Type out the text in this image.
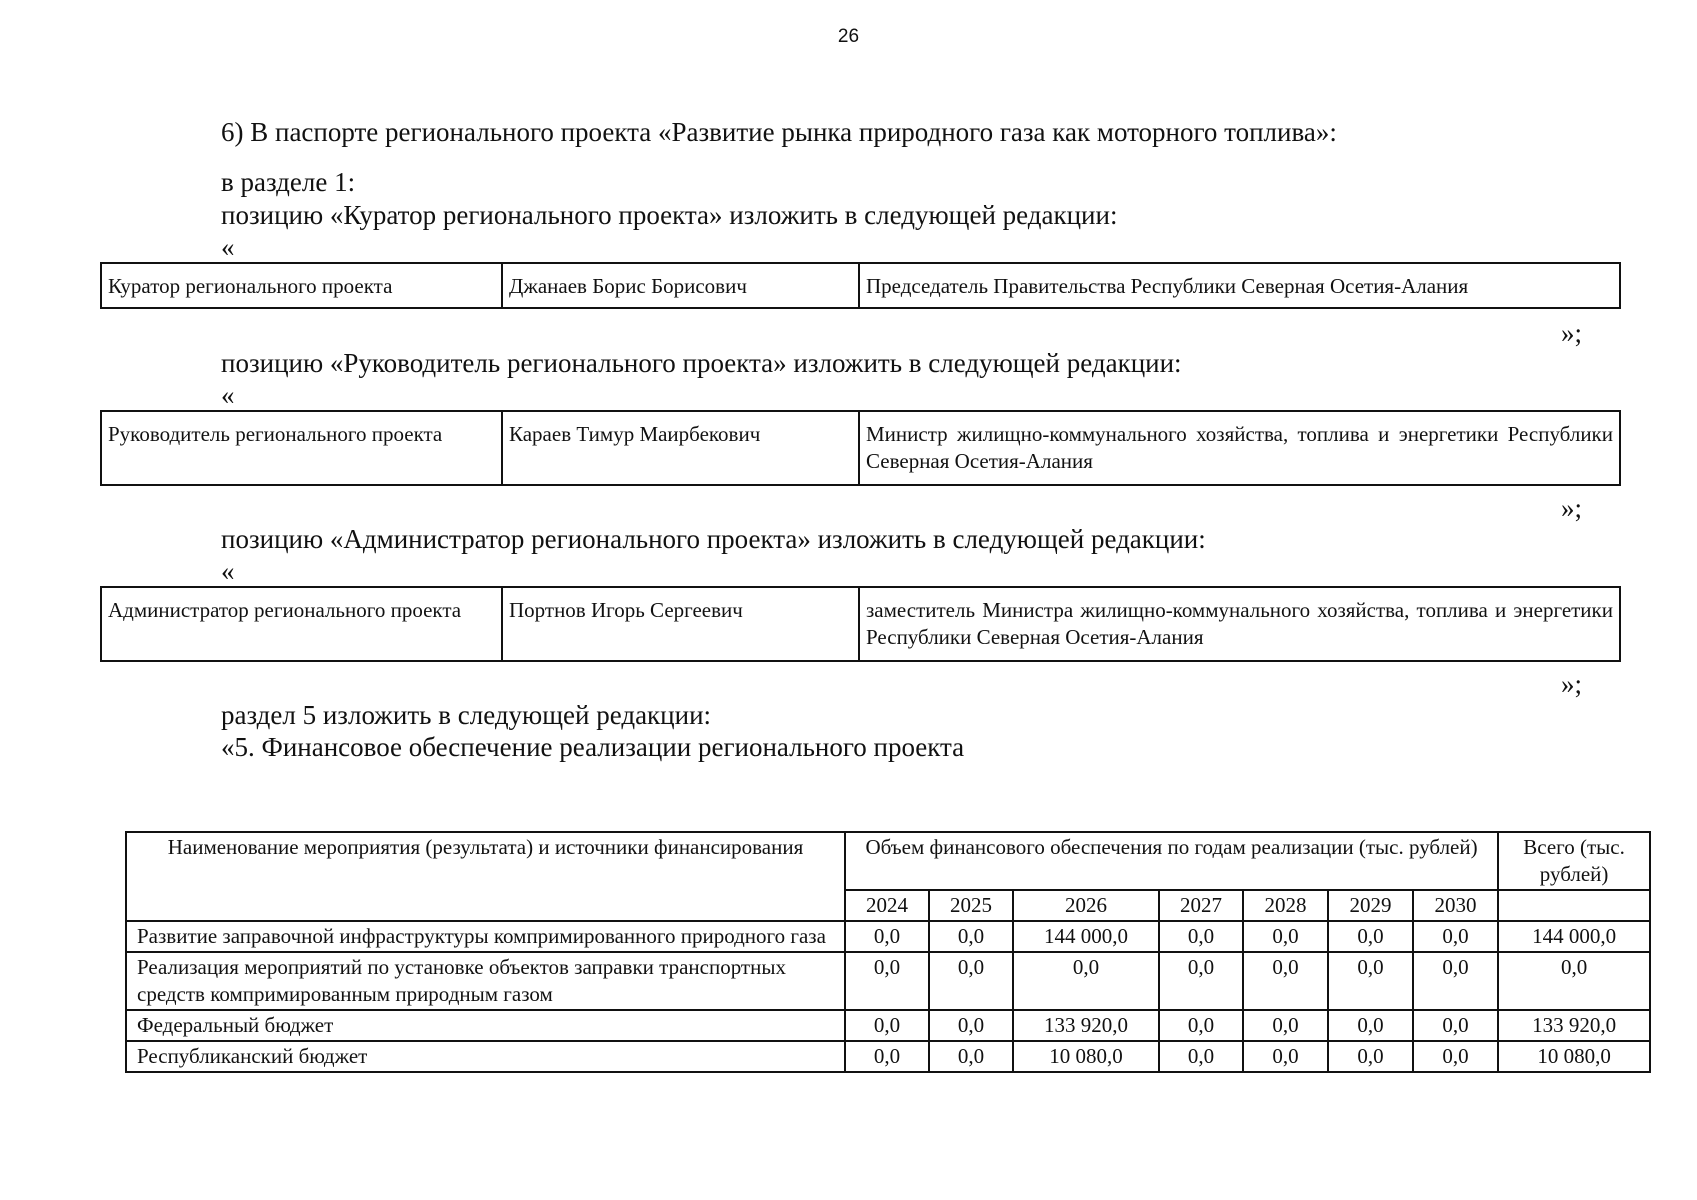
26
6) В паспорте регионального проекта «Развитие рынка природного газа как моторного топлива»:
в разделе 1:
позицию «Куратор регионального проекта» изложить в следующей редакции:
«
Куратор регионального проекта	Джанаев Борис Борисович	Председатель Правительства Республики Северная Осетия-Алания
»;
позицию «Руководитель регионального проекта» изложить в следующей редакции:
«
Руководитель регионального проекта	Караев Тимур Маирбекович	Министр жилищно-коммунального хозяйства, топлива и энергетики Республики Северная Осетия-Алания
»;
позицию «Администратор регионального проекта» изложить в следующей редакции:
«
Администратор регионального проекта	Портнов Игорь Сергеевич	заместитель Министра жилищно-коммунального хозяйства, топлива и энергетики Республики Северная Осетия-Алания
»;
раздел 5 изложить в следующей редакции:
«5. Финансовое обеспечение реализации регионального проекта
Наименование мероприятия (результата) и источники финансирования	Объем финансового обеспечения по годам реализации (тыс. рублей)							Всего (тыс. рублей)
	2024	2025	2026	2027	2028	2029	2030	
Развитие заправочной инфраструктуры компримированного природного газа	0,0	0,0	144 000,0	0,0	0,0	0,0	0,0	144 000,0
Реализация мероприятий по установке объектов заправки транспортных средств компримированным природным газом	0,0	0,0	0,0	0,0	0,0	0,0	0,0	0,0
Федеральный бюджет	0,0	0,0	133 920,0	0,0	0,0	0,0	0,0	133 920,0
Республиканский бюджет	0,0	0,0	10 080,0	0,0	0,0	0,0	0,0	10 080,0
